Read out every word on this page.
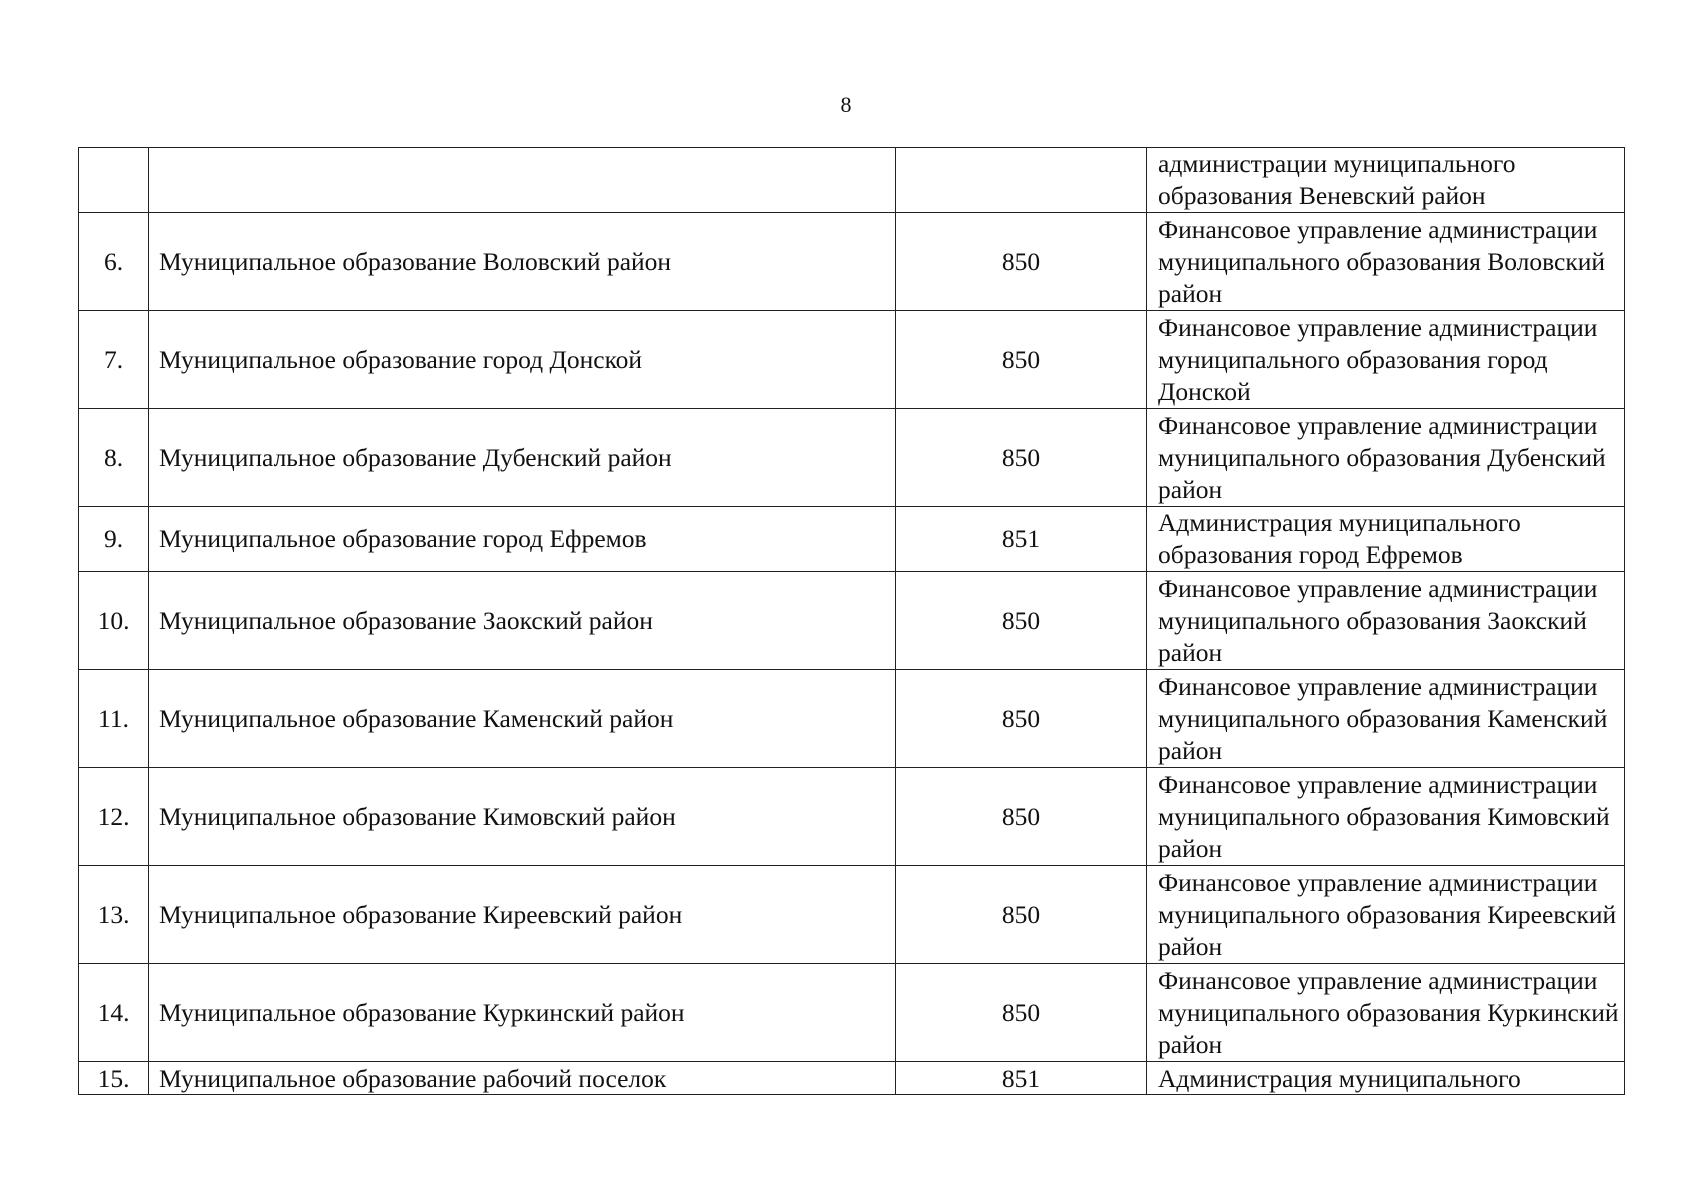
8
			администрации муниципального образования Веневский район
6.	Муниципальное образование Воловский район	850	Финансовое управление администрации муниципального образования Воловский район
7.	Муниципальное образование город Донской	850	Финансовое управление администрации муниципального образования город Донской
8.	Муниципальное образование Дубенский район	850	Финансовое управление администрации муниципального образования Дубенский район
9.	Муниципальное образование город Ефремов	851	Администрация муниципального образования город Ефремов
10.	Муниципальное образование Заокский район	850	Финансовое управление администрации муниципального образования Заокский район
11.	Муниципальное образование Каменский район	850	Финансовое управление администрации муниципального образования Каменский район
12.	Муниципальное образование Кимовский район	850	Финансовое управление администрации муниципального образования Кимовский район
13.	Муниципальное образование Киреевский район	850	Финансовое управление администрации муниципального образования Киреевский район
14.	Муниципальное образование Куркинский район	850	Финансовое управление администрации муниципального образования Куркинский район
15.	Муниципальное образование рабочий поселок	851	Администрация муниципального
